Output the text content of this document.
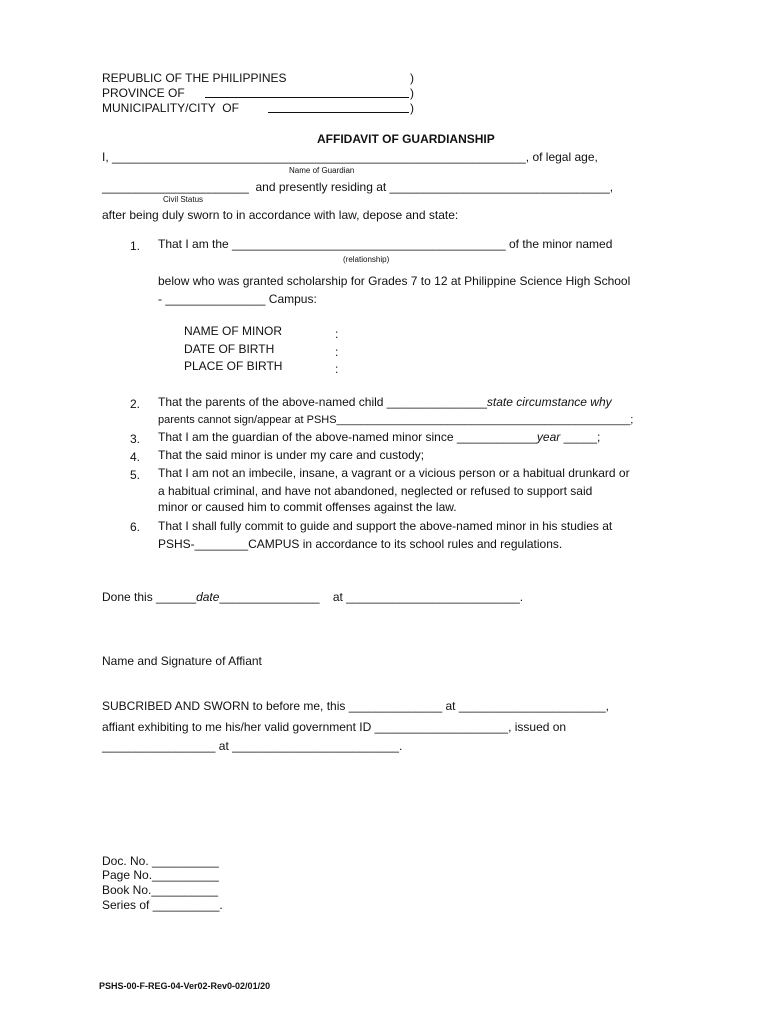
REPUBLIC OF THE PHILIPPINES	)
PROVINCE OF	)
MUNICIPALITY/CITY  OF	)
AFFIDAVIT OF GUARDIANSHIP
I, ______________________________________________________________, of legal age,
Name of Guardian
______________________  and presently residing at _________________________________,
Civil Status
after being duly sworn to in accordance with law, depose and state:
1. That I am the _________________________________________ of the minor named
(relationship)
below who was granted scholarship for Grades 7 to 12 at Philippine Science High School
- _______________ Campus:
NAME OF MINOR	:
DATE OF BIRTH	:
PLACE OF BIRTH	:
2. That the parents of the above-named child _______________state circumstance why
parents cannot sign/appear at PSHS________________________________________________;
3. That I am the guardian of the above-named minor since ____________year _____;
4. That the said minor is under my care and custody;
5. That I am not an imbecile, insane, a vagrant or a vicious person or a habitual drunkard or
a habitual criminal, and have not abandoned, neglected or refused to support said
minor or caused him to commit offenses against the law.
6. That I shall fully commit to guide and support the above-named minor in his studies at
PSHS-________CAMPUS in accordance to its school rules and regulations.
Done this ______date_______________    at __________________________.
Name and Signature of Affiant
SUBCRIBED AND SWORN to before me, this ______________ at ______________________,
affiant exhibiting to me his/her valid government ID ____________________, issued on
_________________ at _________________________.
Doc. No. __________
Page No.__________
Book No.__________
Series of __________.
PSHS-00-F-REG-04-Ver02-Rev0-02/01/20
